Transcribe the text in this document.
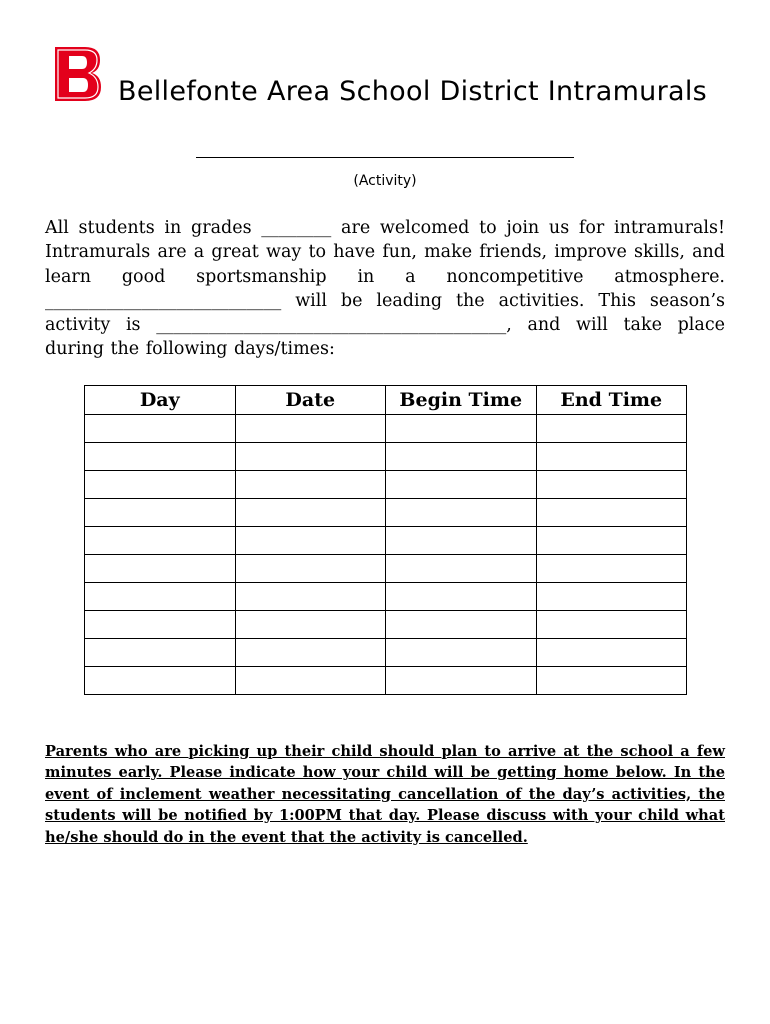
Bellefonte Area School District Intramurals
(Activity)

All students in grades ________ are welcomed to join us for intramurals! Intramurals are a great way to have fun, make friends, improve skills, and learn good sportsmanship in a noncompetitive atmosphere. ___________________________ will be leading the activities. This season’s activity is ________________________________________, and will take place during the following days/times:

Day	Date	Begin Time	End Time

Parents who are picking up their child should plan to arrive at the school a few minutes early. Please indicate how your child will be getting home below. In the event of inclement weather necessitating cancellation of the day’s activities, the students will be notified by 1:00PM that day. Please discuss with your child what he/she should do in the event that the activity is cancelled.
